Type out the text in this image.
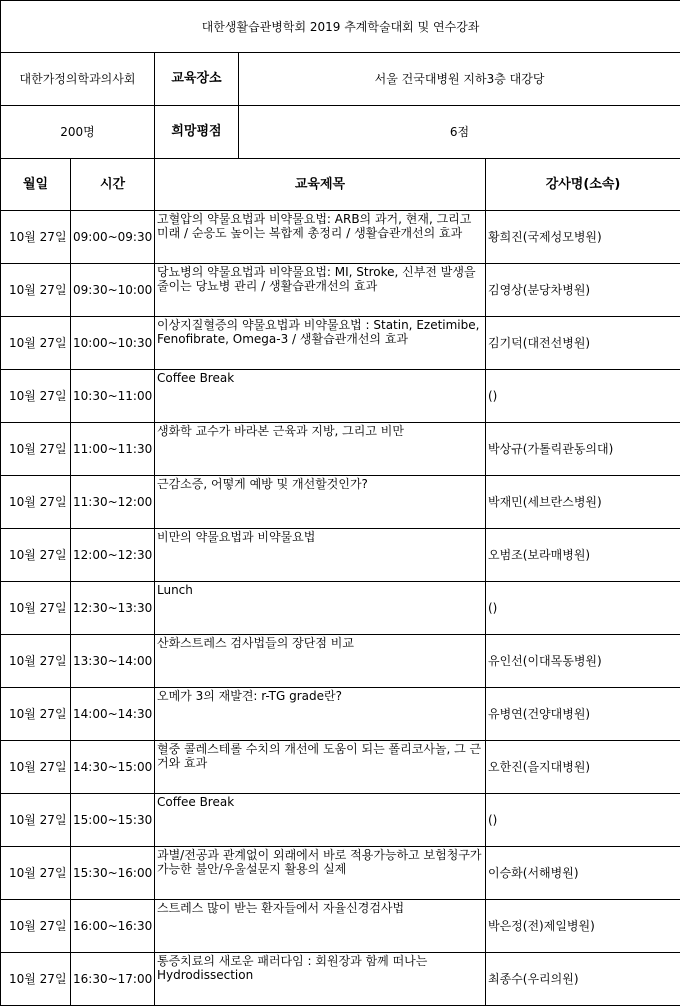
대한생활습관병학회 2019 추계학술대회 및 연수강좌				
대한가정의학과의사회		교육장소	서울 건국대병원 지하3층 대강당	
200명		희망평점	6점	
월일	시간	교육제목		강사명(소속)
10월 27일	09:00~09:30	고혈압의 약물요법과 비약물요법: ARB의 과거, 현재, 그리고 미래 / 순응도 높이는 복합제 총정리 / 생활습관개선의 효과		황희진(국제성모병원)
10월 27일	09:30~10:00	당뇨병의 약물요법과 비약물요법: MI, Stroke, 신부전 발생을 줄이는 당뇨병 관리 / 생활습관개선의 효과		김영상(분당차병원)
10월 27일	10:00~10:30	이상지질혈증의 약물요법과 비약물요법 : Statin, Ezetimibe, Fenofibrate, Omega-3 / 생활습관개선의 효과		김기덕(대전선병원)
10월 27일	10:30~11:00	Coffee Break		()
10월 27일	11:00~11:30	생화학 교수가 바라본 근육과 지방, 그리고 비만		박상규(가톨릭관동의대)
10월 27일	11:30~12:00	근감소증, 어떻게 예방 및 개선할것인가?		박재민(세브란스병원)
10월 27일	12:00~12:30	비만의 약물요법과 비약물요법		오범조(보라매병원)
10월 27일	12:30~13:30	Lunch		()
10월 27일	13:30~14:00	산화스트레스 검사법들의 장단점 비교		유인선(이대목동병원)
10월 27일	14:00~14:30	오메가 3의 재발견: r-TG grade란?		유병연(건양대병원)
10월 27일	14:30~15:00	혈중 콜레스테롤 수치의 개선에 도움이 되는 폴리코사놀, 그 근거와 효과		오한진(을지대병원)
10월 27일	15:00~15:30	Coffee Break		()
10월 27일	15:30~16:00	과별/전공과 관계없이 외래에서 바로 적용가능하고 보험청구가 가능한 불안/우울설문지 활용의 실제		이승화(서해병원)
10월 27일	16:00~16:30	스트레스 많이 받는 환자들에서 자율신경검사법		박은정(전)제일병원)
10월 27일	16:30~17:00	통증치료의 새로운 패러다임 : 회원장과 함께 떠나는 Hydrodissection		최종수(우리의원)
